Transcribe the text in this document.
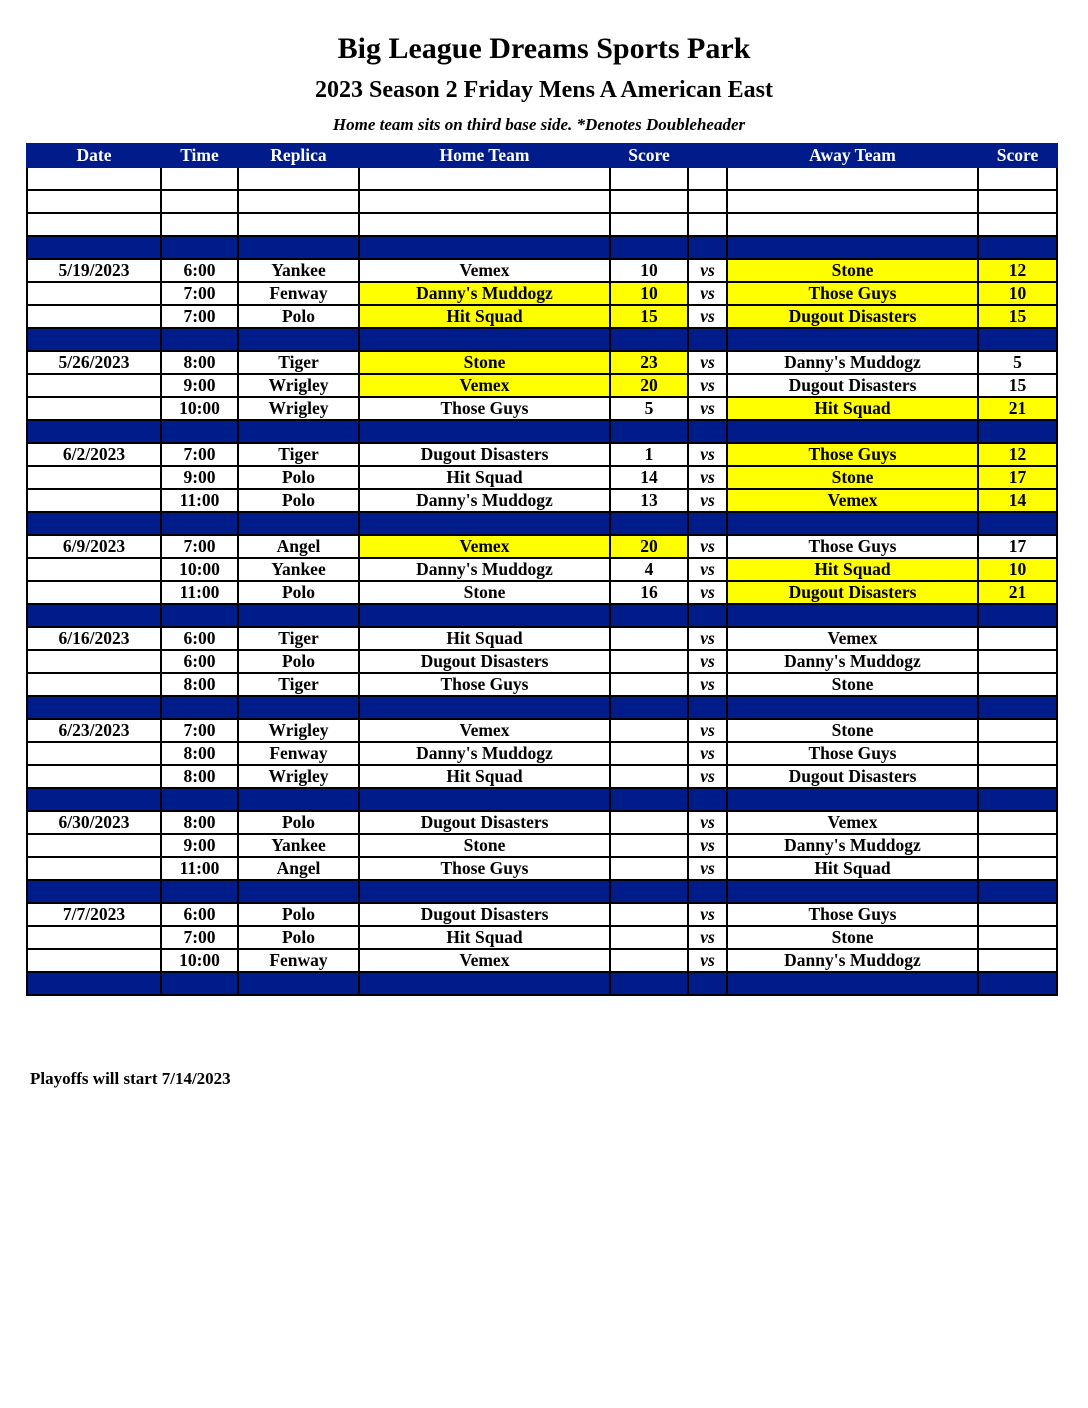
Big League Dreams Sports Park
2023 Season 2 Friday Mens A American East
Home team sits on third base side. *Denotes Doubleheader
Date	Time	Replica	Home Team	Score		Away Team	Score

5/19/2023	6:00	Yankee	Vemex	10	vs	Stone	12
	7:00	Fenway	Danny's Muddogz	10	vs	Those Guys	10
	7:00	Polo	Hit Squad	15	vs	Dugout Disasters	15

5/26/2023	8:00	Tiger	Stone	23	vs	Danny's Muddogz	5
	9:00	Wrigley	Vemex	20	vs	Dugout Disasters	15
	10:00	Wrigley	Those Guys	5	vs	Hit Squad	21

6/2/2023	7:00	Tiger	Dugout Disasters	1	vs	Those Guys	12
	9:00	Polo	Hit Squad	14	vs	Stone	17
	11:00	Polo	Danny's Muddogz	13	vs	Vemex	14

6/9/2023	7:00	Angel	Vemex	20	vs	Those Guys	17
	10:00	Yankee	Danny's Muddogz	4	vs	Hit Squad	10
	11:00	Polo	Stone	16	vs	Dugout Disasters	21

6/16/2023	6:00	Tiger	Hit Squad		vs	Vemex	
	6:00	Polo	Dugout Disasters		vs	Danny's Muddogz	
	8:00	Tiger	Those Guys		vs	Stone	

6/23/2023	7:00	Wrigley	Vemex		vs	Stone	
	8:00	Fenway	Danny's Muddogz		vs	Those Guys	
	8:00	Wrigley	Hit Squad		vs	Dugout Disasters	

6/30/2023	8:00	Polo	Dugout Disasters		vs	Vemex	
	9:00	Yankee	Stone		vs	Danny's Muddogz	
	11:00	Angel	Those Guys		vs	Hit Squad	

7/7/2023	6:00	Polo	Dugout Disasters		vs	Those Guys	
	7:00	Polo	Hit Squad		vs	Stone	
	10:00	Fenway	Vemex		vs	Danny's Muddogz	

Playoffs will start 7/14/2023
